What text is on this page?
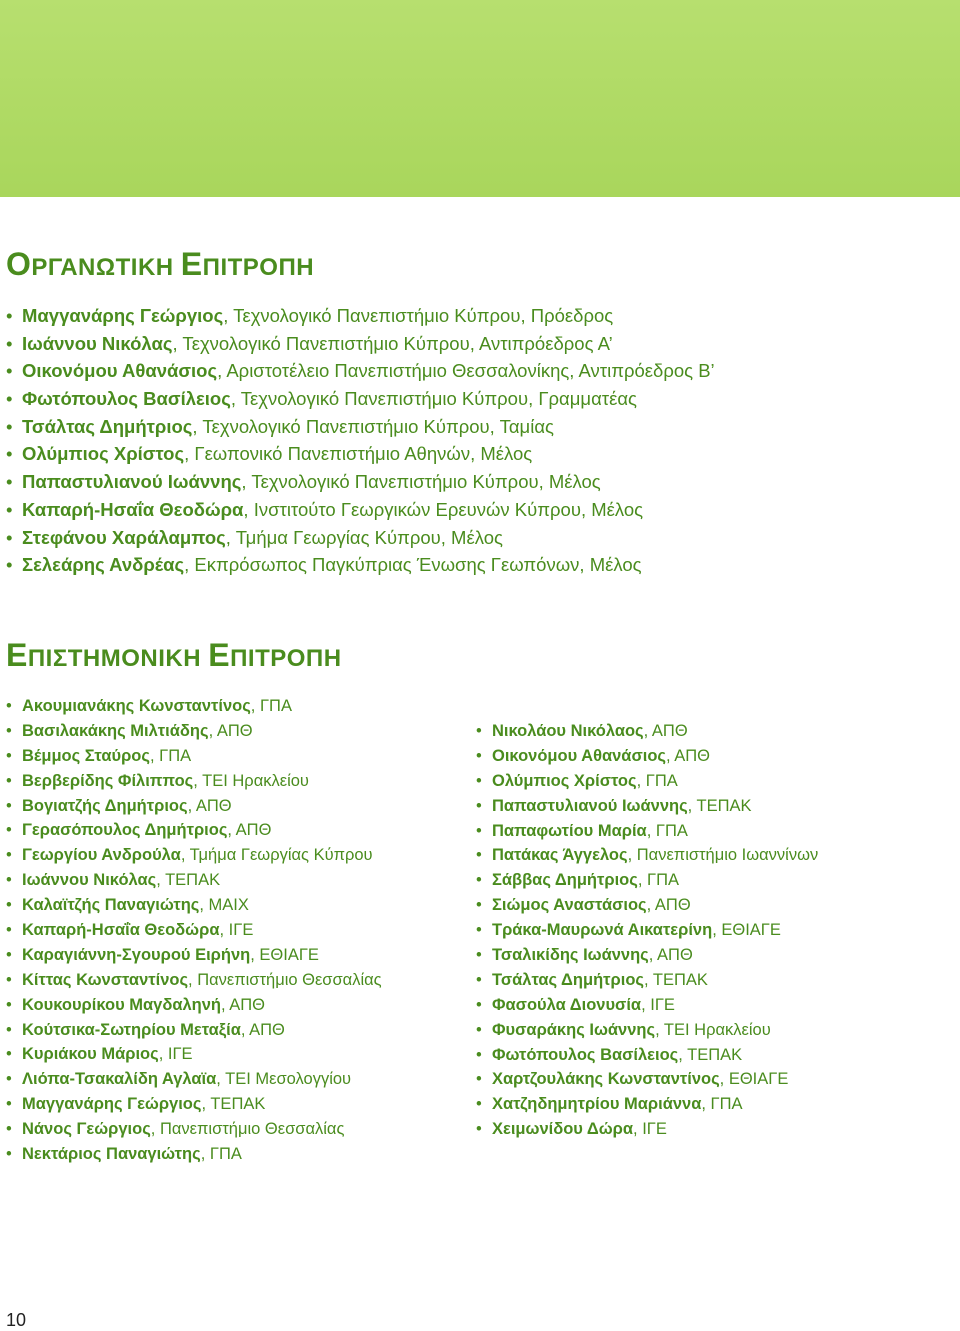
ΟΡΓΑΝΩΤΙΚΗ ΕΠΙΤΡΟΠΗ
• Μαγγανάρης Γεώργιος, Τεχνολογικό Πανεπιστήμιο Κύπρου, Πρόεδρος
• Ιωάννου Νικόλας, Τεχνολογικό Πανεπιστήμιο Κύπρου, Αντιπρόεδρος Α’
• Οικονόμου Αθανάσιος, Αριστοτέλειο Πανεπιστήμιο Θεσσαλονίκης, Αντιπρόεδρος Β’
• Φωτόπουλος Βασίλειος, Τεχνολογικό Πανεπιστήμιο Κύπρου, Γραμματέας
• Τσάλτας Δημήτριος, Τεχνολογικό Πανεπιστήμιο Κύπρου, Ταμίας
• Ολύμπιος Χρίστος, Γεωπονικό Πανεπιστήμιο Αθηνών, Μέλος
• Παπαστυλιανού Ιωάννης, Τεχνολογικό Πανεπιστήμιο Κύπρου, Μέλος
• Καπαρή-Ησαΐα Θεοδώρα, Ινστιτούτο Γεωργικών Ερευνών Κύπρου, Μέλος
• Στεφάνου Χαράλαμπος, Τμήμα Γεωργίας Κύπρου, Μέλος
• Σελεάρης Ανδρέας, Εκπρόσωπος Παγκύπριας Ένωσης Γεωπόνων, Μέλος
ΕΠΙΣΤΗΜΟΝΙΚΗ ΕΠΙΤΡΟΠΗ
• Ακουμιανάκης Κωνσταντίνος, ΓΠΑ
• Βασιλακάκης Μιλτιάδης, ΑΠΘ
• Βέμμος Σταύρος, ΓΠΑ
• Βερβερίδης Φίλιππος, ΤΕΙ Ηρακλείου
• Βογιατζής Δημήτριος, ΑΠΘ
• Γερασόπουλος Δημήτριος, ΑΠΘ
• Γεωργίου Ανδρούλα, Τμήμα Γεωργίας Κύπρου
• Ιωάννου Νικόλας, ΤΕΠΑΚ
• Καλαϊτζής Παναγιώτης, ΜΑΙΧ
• Καπαρή-Ησαΐα Θεοδώρα, ΙΓΕ
• Καραγιάννη-Σγουρού Ειρήνη, ΕΘΙΑΓΕ
• Κίττας Κωνσταντίνος, Πανεπιστήμιο Θεσσαλίας
• Κουκουρίκου Μαγδαληνή, ΑΠΘ
• Κούτσικα-Σωτηρίου Μεταξία, ΑΠΘ
• Κυριάκου Μάριος, ΙΓΕ
• Λιόπα-Τσακαλίδη Αγλαϊα, ΤΕΙ Μεσολογγίου
• Μαγγανάρης Γεώργιος, ΤΕΠΑΚ
• Νάνος Γεώργιος, Πανεπιστήμιο Θεσσαλίας
• Νεκτάριος Παναγιώτης, ΓΠΑ
• Νικολάου Νικόλαος, ΑΠΘ
• Οικονόμου Αθανάσιος, ΑΠΘ
• Ολύμπιος Χρίστος, ΓΠΑ
• Παπαστυλιανού Ιωάννης, ΤΕΠΑΚ
• Παπαφωτίου Μαρία, ΓΠΑ
• Πατάκας Άγγελος, Πανεπιστήμιο Ιωαννίνων
• Σάββας Δημήτριος, ΓΠΑ
• Σιώμος Αναστάσιος, ΑΠΘ
• Τράκα-Μαυρωνά Αικατερίνη, ΕΘΙΑΓΕ
• Τσαλικίδης Ιωάννης, ΑΠΘ
• Τσάλτας Δημήτριος, ΤΕΠΑΚ
• Φασούλα Διονυσία, ΙΓΕ
• Φυσαράκης Ιωάννης, ΤΕΙ Ηρακλείου
• Φωτόπουλος Βασίλειος, ΤΕΠΑΚ
• Χαρτζουλάκης Κωνσταντίνος, ΕΘΙΑΓΕ
• Χατζηδημητρίου Μαριάννα, ΓΠΑ
• Χειμωνίδου Δώρα, ΙΓΕ
10
